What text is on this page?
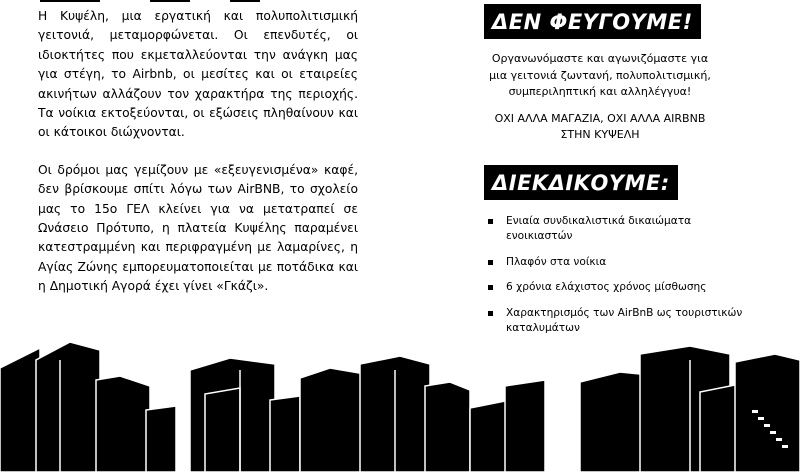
Η Κυψέλη, μια εργατική και πολυπολιτισμική γειτονιά, μεταμορφώνεται. Οι επενδυτές, οι ιδιοκτήτες που εκμεταλλεύονται την ανάγκη μας για στέγη, το Airbnb, οι μεσίτες και οι εταιρείες ακινήτων αλλάζουν τον χαρακτήρα της περιοχής. Τα νοίκια εκτοξεύονται, οι εξώσεις πληθαίνουν και οι κάτοικοι διώχνονται.

Οι δρόμοι μας γεμίζουν με «εξευγενισμένα» καφέ, δεν βρίσκουμε σπίτι λόγω των AirBNB, το σχολείο μας το 15ο ΓΕΛ κλείνει για να μετατραπεί σε Ωνάσειο Πρότυπο, η πλατεία Κυψέλης παραμένει κατεστραμμένη και περιφραγμένη με λαμαρίνες, η Αγίας Ζώνης εμπορευματοποιείται με ποτάδικα και η Δημοτική Αγορά έχει γίνει «Γκάζι».

ΔΕΝ ΦΕΥΓΟΥΜΕ!
Οργανωνόμαστε και αγωνιζόμαστε για μια γειτονιά ζωντανή, πολυπολιτισμική, συμπεριληπτική και αλληλέγγυα!
ΟΧΙ ΑΛΛΑ ΜΑΓΑΖΙΑ, ΟΧΙ ΑΛΛΑ AIRBNB ΣΤΗΝ ΚΥΨΕΛΗ
ΔΙΕΚΔΙΚΟΥΜΕ:
Ενιαία συνδικαλιστικά δικαιώματα ενοικιαστών
Πλαφόν στα νοίκια
6 χρόνια ελάχιστος χρόνος μίσθωσης
Χαρακτηρισμός των AirBnB ως τουριστικών καταλυμάτων
